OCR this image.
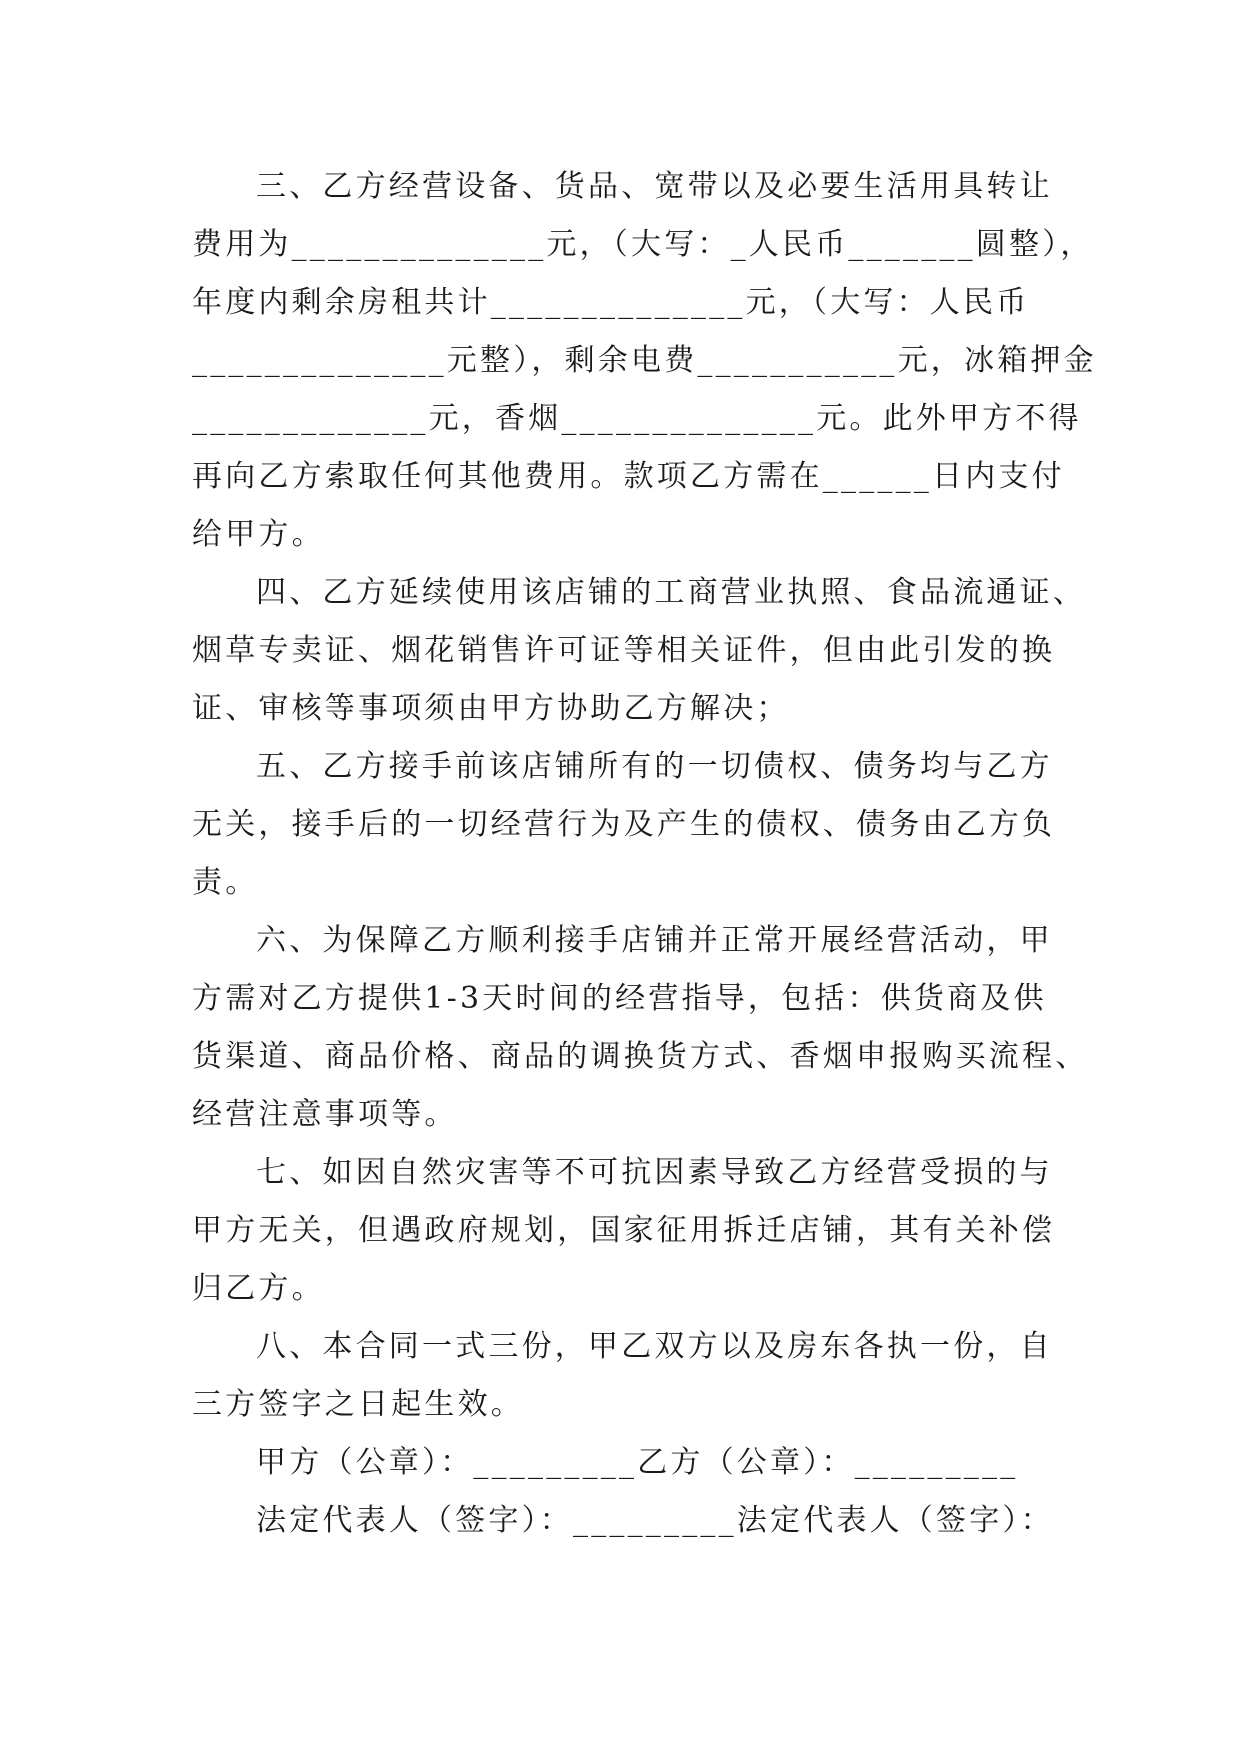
三、乙方经营设备、货品、宽带以及必要生活用具转让
费用为______________元，（大写：_人民币_______圆整），
年度内剩余房租共计______________元，（大写：人民币
______________元整），剩余电费___________元，冰箱押金
_____________元，香烟______________元。此外甲方不得
再向乙方索取任何其他费用。款项乙方需在______日内支付
给甲方。
四、乙方延续使用该店铺的工商营业执照、食品流通证、
烟草专卖证、烟花销售许可证等相关证件，但由此引发的换
证、审核等事项须由甲方协助乙方解决；
五、乙方接手前该店铺所有的一切债权、债务均与乙方
无关，接手后的一切经营行为及产生的债权、债务由乙方负
责。
六、为保障乙方顺利接手店铺并正常开展经营活动，甲
方需对乙方提供1-3天时间的经营指导，包括：供货商及供
货渠道、商品价格、商品的调换货方式、香烟申报购买流程、
经营注意事项等。
七、如因自然灾害等不可抗因素导致乙方经营受损的与
甲方无关，但遇政府规划，国家征用拆迁店铺，其有关补偿
归乙方。
八、本合同一式三份，甲乙双方以及房东各执一份，自
三方签字之日起生效。
甲方（公章）：_________乙方（公章）：_________
法定代表人（签字）：_________法定代表人（签字）：
